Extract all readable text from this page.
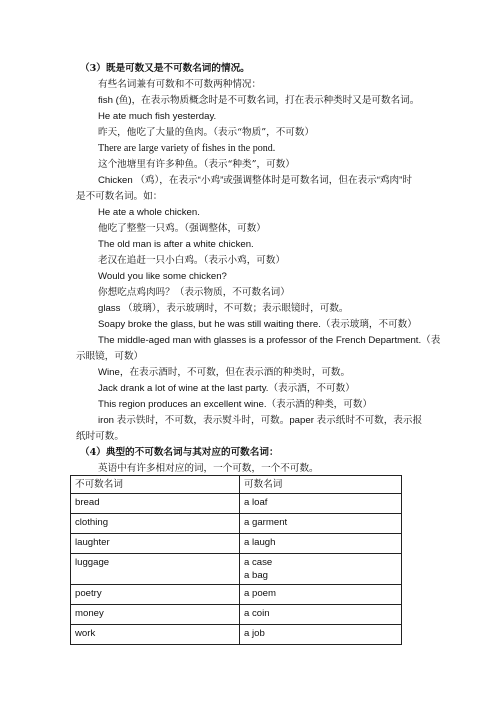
（3）既是可数又是不可数名词的情况。
有些名词兼有可数和不可数两种情况：
fish (鱼)，在表示物质概念时是不可数名词，打在表示种类时又是可数名词。
He ate much fish yesterday.
昨天，他吃了大量的鱼肉。（表示“物质”，不可数）
There are large variety of fishes in the pond.
这个池塘里有许多种鱼。（表示“种类”，可数）
Chicken （鸡），在表示“小鸡”或强调整体时是可数名词，但在表示“鸡肉”时
是不可数名词。如：
He ate a whole chicken.
他吃了整整一只鸡。（强调整体，可数）
The old man is after a white chicken.
老汉在追赶一只小白鸡。（表示小鸡，可数）
Would you like some chicken?
你想吃点鸡肉吗？（表示物质，不可数名词）
glass （玻璃），表示玻璃时，不可数；表示眼镜时，可数。
Soapy broke the glass, but he was still waiting there.（表示玻璃，不可数）
The middle-aged man with glasses is a professor of the French Department.（表
示眼镜，可数）
Wine，在表示酒时，不可数，但在表示酒的种类时，可数。
Jack drank a lot of wine at the last party.（表示酒，不可数）
This region produces an excellent wine.（表示酒的种类，可数）
iron 表示铁时，不可数，表示熨斗时，可数。paper 表示纸时不可数，表示报
纸时可数。
（4）典型的不可数名词与其对应的可数名词：
英语中有许多相对应的词，一个可数，一个不可数。
不可数名词	可数名词
bread	a loaf
clothing	a garment
laughter	a laugh
luggage	a case
a bag

poetry	a poem
money	a coin
work	a job
